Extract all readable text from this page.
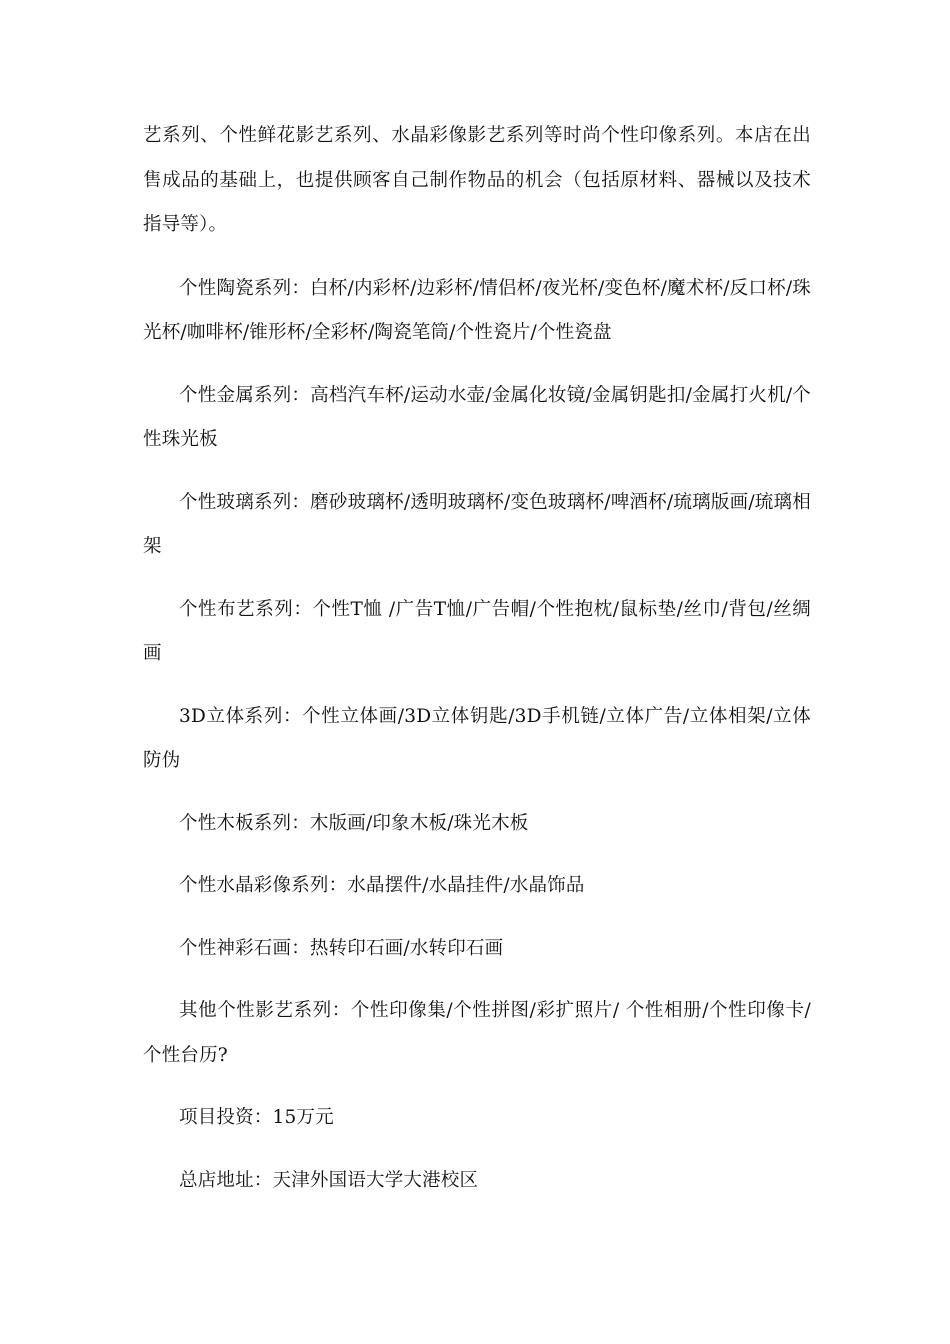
艺系列、个性鲜花影艺系列、水晶彩像影艺系列等时尚个性印像系列。本店在出售成品的基础上，也提供顾客自己制作物品的机会（包括原材料、器械以及技术指导等）。

个性陶瓷系列：白杯/内彩杯/边彩杯/情侣杯/夜光杯/变色杯/魔术杯/反口杯/珠光杯/咖啡杯/锥形杯/全彩杯/陶瓷笔筒/个性瓷片/个性瓷盘

个性金属系列：高档汽车杯/运动水壶/金属化妆镜/金属钥匙扣/金属打火机/个性珠光板

个性玻璃系列：磨砂玻璃杯/透明玻璃杯/变色玻璃杯/啤酒杯/琉璃版画/琉璃相架

个性布艺系列：个性T恤 /广告T恤/广告帽/个性抱枕/鼠标垫/丝巾/背包/丝绸画

3D立体系列：个性立体画/3D立体钥匙/3D手机链/立体广告/立体相架/立体防伪

个性木板系列：木版画/印象木板/珠光木板

个性水晶彩像系列：水晶摆件/水晶挂件/水晶饰品

个性神彩石画：热转印石画/水转印石画

其他个性影艺系列：个性印像集/个性拼图/彩扩照片/ 个性相册/个性印像卡/个性台历?

项目投资：15万元

总店地址：天津外国语大学大港校区
